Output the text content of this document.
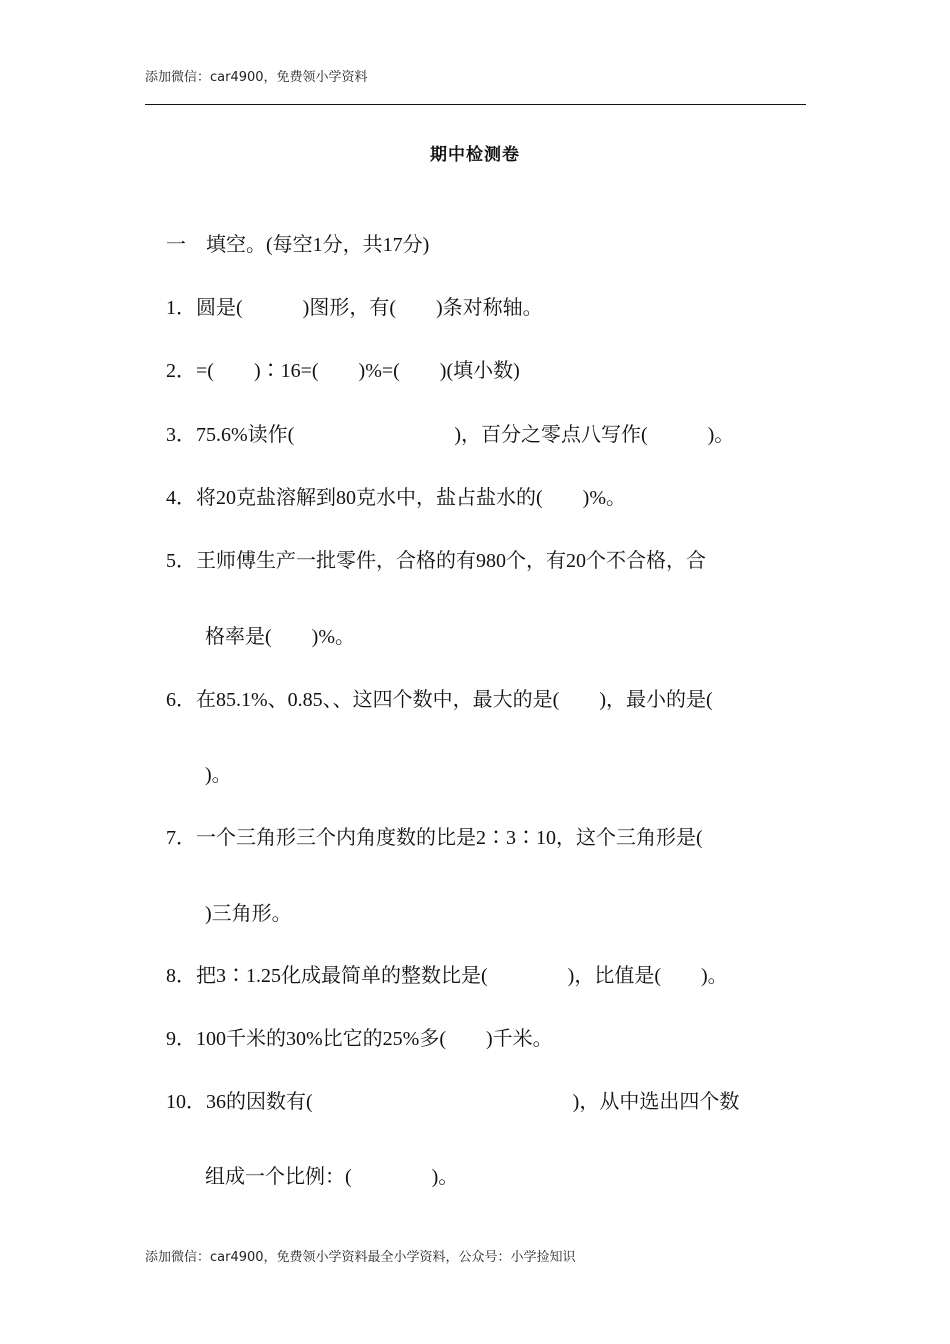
添加微信：car4900，免费领小学资料
期中检测卷
一　填空。(每空1分，共17分)
1．圆是(　　　)图形，有(　　)条对称轴。
2．=(　　)∶16=(　　)%=(　　)(填小数)
3．75.6%读作(　　　　　　　　)，百分之零点八写作(　　　)。
4．将20克盐溶解到80克水中，盐占盐水的(　　)%。
5．王师傅生产一批零件，合格的有980个，有20个不合格，合
格率是(　　)%。
6．在85.1%、0.85、、这四个数中，最大的是(　　)，最小的是(
)。
7．一个三角形三个内角度数的比是2∶3∶10，这个三角形是(
)三角形。
8．把3∶1.25化成最简单的整数比是(　　　　)，比值是(　　)。
9．100千米的30%比它的25%多(　　)千米。
10．36的因数有(　　　　　　　　　　　　　)，从中选出四个数
组成一个比例：(　　　　)。
添加微信：car4900，免费领小学资料最全小学资料，公众号：小学捡知识
